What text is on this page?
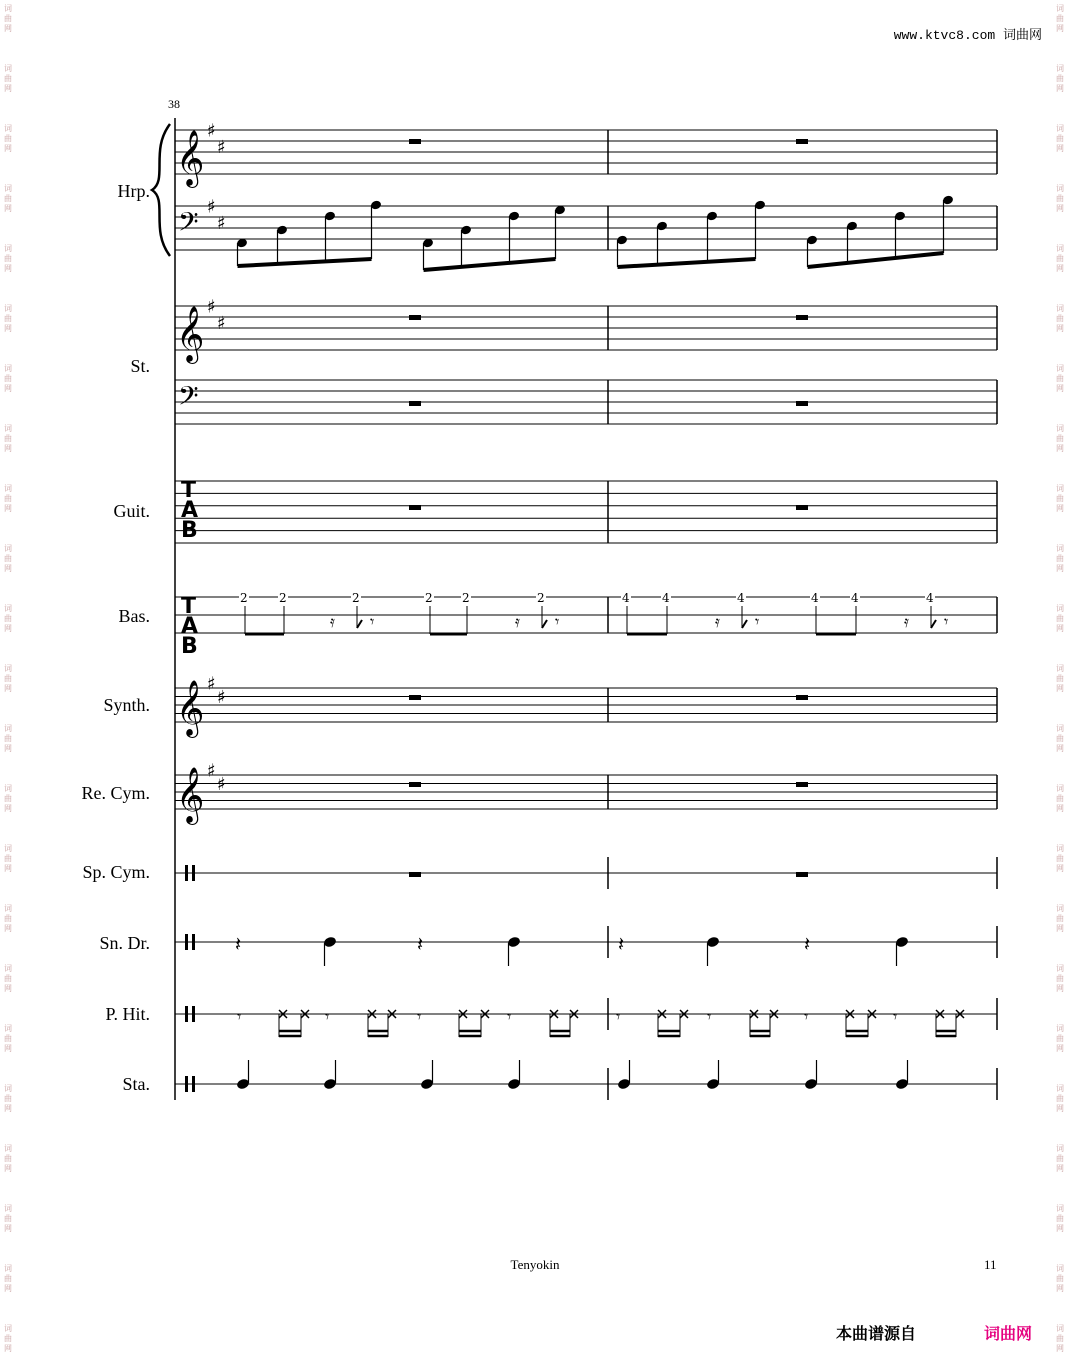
词
曲
网
词
曲
网
词
曲
网
词
曲
网
词
曲
网
词
曲
网
词
曲
网
词
曲
网
词
曲
网
词
曲
网
词
曲
网
词
曲
网
词
曲
网
词
曲
网
词
曲
网
词
曲
网
词
曲
网
词
曲
网
词
曲
网
词
曲
网
词
曲
网
词
曲
网
词
曲
网
词
曲
网
词
曲
网
词
曲
网
词
曲
网
词
曲
网
词
曲
网
词
曲
网
词
曲
网
词
曲
网
词
曲
网
词
曲
网
词
曲
网
词
曲
网
词
曲
网
词
曲
网
词
曲
网
词
曲
网
词
曲
网
词
曲
网
词
曲
网
词
曲
网
词
曲
网
词
曲
网
www.ktvc8.com 词曲网
38
Hrp.
St.
Guit.
Bas.
Synth.
Re. Cym.
Sp. Cym.
Sn. Dr.
P. Hit.
Sta.
𝄞 ♯
♯
𝄢 ♯
♯
𝄞 ♯
♯
𝄢
T
A
B
T
A
B
2	2	2	2 2	2
𝄿 𝄾	𝄿 𝄾
4	4	4	4	4	4
𝄿 𝄾	𝄿 𝄾
𝄞 ♯
♯
𝄞 ♯
♯
𝄽	𝄽	𝄽	𝄽
𝄾	𝄾	𝄾	𝄾	𝄾	𝄾	𝄾	𝄾
Tenyokin	11
本曲谱源自	词曲网
